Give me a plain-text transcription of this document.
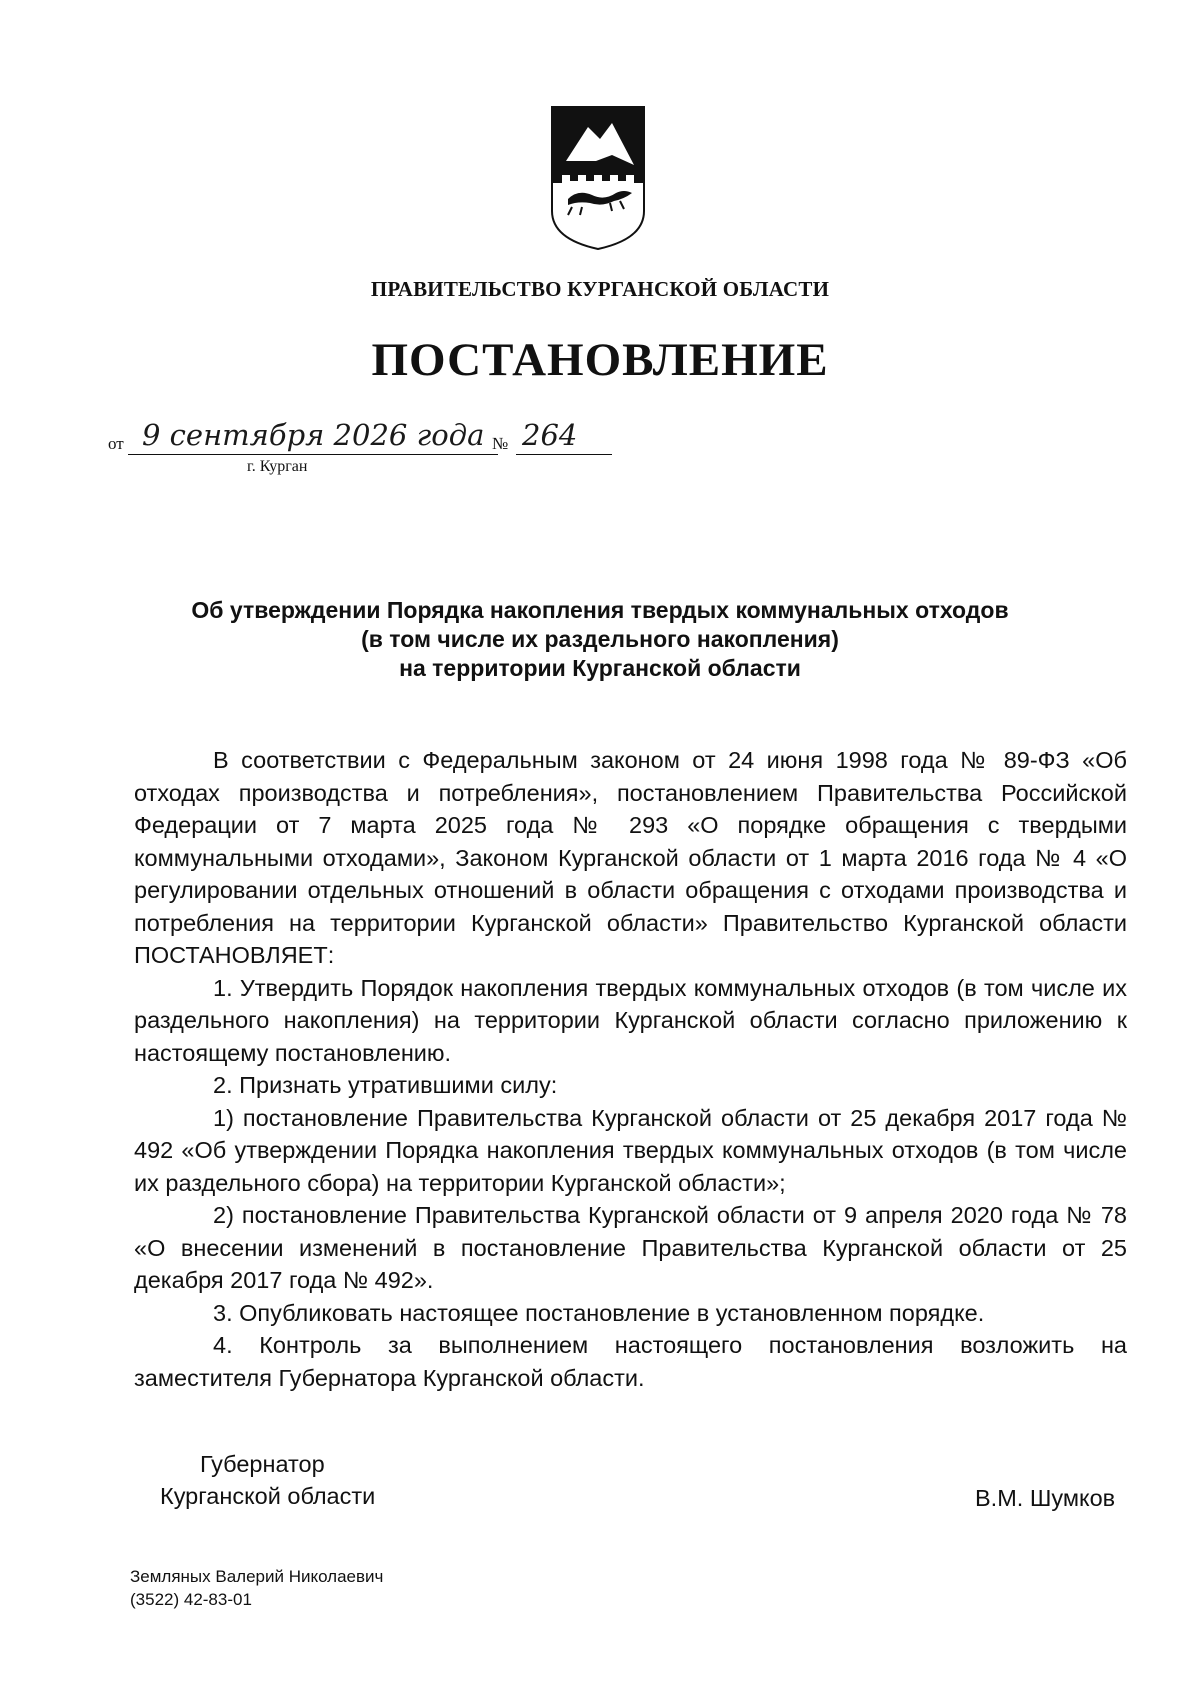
ПРАВИТЕЛЬСТВО КУРГАНСКОЙ ОБЛАСТИ
ПОСТАНОВЛЕНИЕ
от 9 сентября 2026 года № 264
г. Курган
Об утверждении Порядка накопления твердых коммунальных отходов
(в том числе их раздельного накопления)
на территории Курганской области

В соответствии с Федеральным законом от 24 июня 1998 года № 89-ФЗ «Об отходах производства и потребления», постановлением Правительства Российской Федерации от 7 марта 2025 года № 293 «О порядке обращения с твердыми коммунальными отходами», Законом Курганской области от 1 марта 2016 года № 4 «О регулировании отдельных отношений в области обращения с отходами производства и потребления на территории Курганской области» Правительство Курганской области ПОСТАНОВЛЯЕТ:

1. Утвердить Порядок накопления твердых коммунальных отходов (в том числе их раздельного накопления) на территории Курганской области согласно приложению к настоящему постановлению.

2. Признать утратившими силу:

1) постановление Правительства Курганской области от 25 декабря 2017 года № 492 «Об утверждении Порядка накопления твердых коммунальных отходов (в том числе их раздельного сбора) на территории Курганской области»;

2) постановление Правительства Курганской области от 9 апреля 2020 года № 78 «О внесении изменений в постановление Правительства Курганской области от 25 декабря 2017 года № 492».

3. Опубликовать настоящее постановление в установленном порядке.

4. Контроль за выполнением настоящего постановления возложить на заместителя Губернатора Курганской области.

Губернатор
Курганской области	В.М. Шумков
Земляных Валерий Николаевич
(3522) 42-83-01
